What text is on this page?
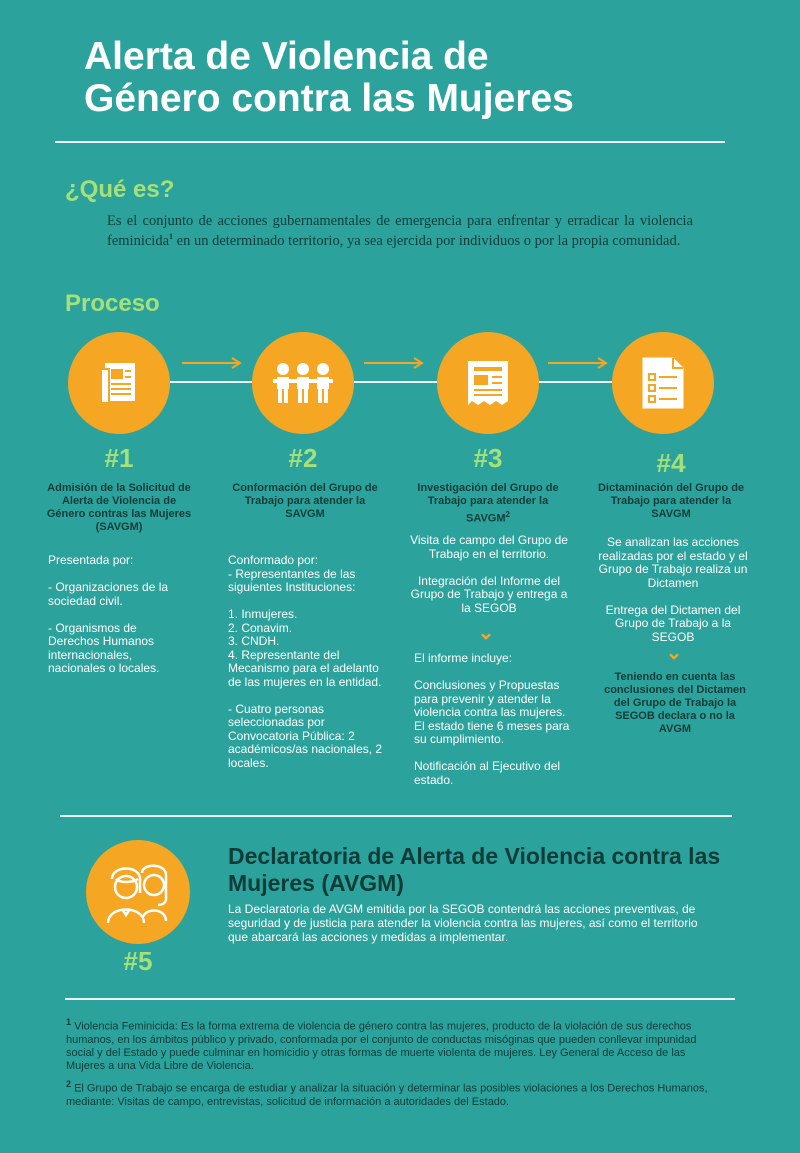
Alerta de Violencia de
Género contra las Mujeres
¿Qué es?
Es el conjunto de acciones gubernamentales de emergencia para enfrentar y erradicar la violencia feminicida$^1$ en un determinado territorio, ya sea ejercida por individuos o por la propia comunidad.
Proceso
#1	#2	#3	#4
Admisión de la Solicitud de Alerta de Violencia de Género contras las Mujeres (SAVGM)
Presentada por:

- Organizaciones de la sociedad civil.

- Organismos de Derechos Humanos internacionales, nacionales o locales.
Conformación del Grupo de Trabajo para atender la SAVGM
Conformado por:
- Representantes de las siguientes Instituciones:

1. Inmujeres.
2. Conavim.
3. CNDH.
4. Representante del Mecanismo para el adelanto de las mujeres en la entidad.

- Cuatro personas seleccionadas por Convocatoria Pública: 2 académicos/as nacionales, 2 locales.
Investigación del Grupo de Trabajo para atender la SAVGM$^2$
Visita de campo del Grupo de Trabajo en el territorio.

Integración del Informe del Grupo de Trabajo y entrega a la SEGOB
⌄
El informe incluye:

Conclusiones y Propuestas para prevenir y atender la violencia contra las mujeres. El estado tiene 6 meses para su cumplimiento.

Notificación al Ejecutivo del estado.
Dictaminación del Grupo de Trabajo para atender la SAVGM
Se analizan las acciones realizadas por el estado y el Grupo de Trabajo realiza un Dictamen

Entrega del Dictamen del Grupo de Trabajo a la SEGOB
⌄
Teniendo en cuenta las conclusiones del Dictamen del Grupo de Trabajo la SEGOB declara o no la AVGM
#5
Declaratoria de Alerta de Violencia contra las Mujeres (AVGM)
La Declaratoria de AVGM emitida por la SEGOB contendrá las acciones preventivas, de seguridad y de justicia para atender la violencia contra las mujeres, así como el territorio que abarcará las acciones y medidas a implementar.
$^1$ Violencia Feminicida: Es la forma extrema de violencia de género contra las mujeres, producto de la violación de sus derechos humanos, en los ámbitos público y privado, conformada por el conjunto de conductas misóginas que pueden conllevar impunidad social y del Estado y puede culminar en homicidio y otras formas de muerte violenta de mujeres. Ley General de Acceso de las Mujeres a una Vida Libre de Violencia.
$^2$ El Grupo de Trabajo se encarga de estudiar y analizar la situación y determinar las posibles violaciones a los Derechos Humanos, mediante: Visitas de campo, entrevistas, solicitud de información a autoridades del Estado.
